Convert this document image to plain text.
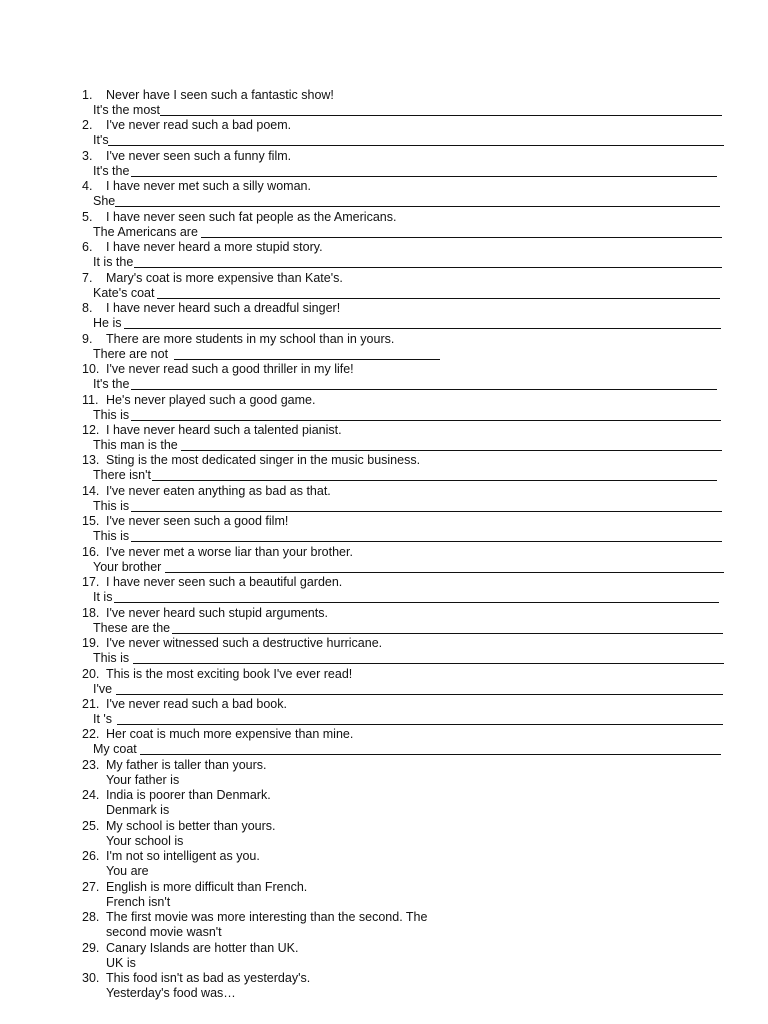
1. Never have I seen such a fantastic show!
It's the most
2. I've never read such a bad poem.
It's
3. I've never seen such a funny film.
It's the
4. I have never met such a silly woman.
She
5. I have never seen such fat people as the Americans.
The Americans are
6. I have never heard a more stupid story.
It is the
7. Mary's coat is more expensive than Kate's.
Kate's coat
8. I have never heard such a dreadful singer!
He is
9. There are more students in my school than in yours.
There are not
10. I've never read such a good thriller in my life!
It's the
11. He's never played such a good game.
This is
12. I have never heard such a talented pianist.
This man is the
13. Sting is the most dedicated singer in the music business.
There isn't
14. I've never eaten anything as bad as that.
This is
15. I've never seen such a good film!
This is
16. I've never met a worse liar than your brother.
Your brother
17. I have never seen such a beautiful garden.
It is
18. I've never heard such stupid arguments.
These are the
19. I've never witnessed such a destructive hurricane.
This is
20. This is the most exciting book I've ever read!
I've
21. I've never read such a bad book.
It 's
22. Her coat is much more expensive than mine.
My coat
23. My father is taller than yours.
Your father is
24. India is poorer than Denmark.
Denmark is
25. My school is better than yours.
Your school is
26. I'm not so intelligent as you.
You are
27. English is more difficult than French.
French isn't
28. The first movie was more interesting than the second. The
second movie wasn't
29. Canary Islands are hotter than UK.
UK is
30. This food isn't as bad as yesterday's.
Yesterday's food was…
